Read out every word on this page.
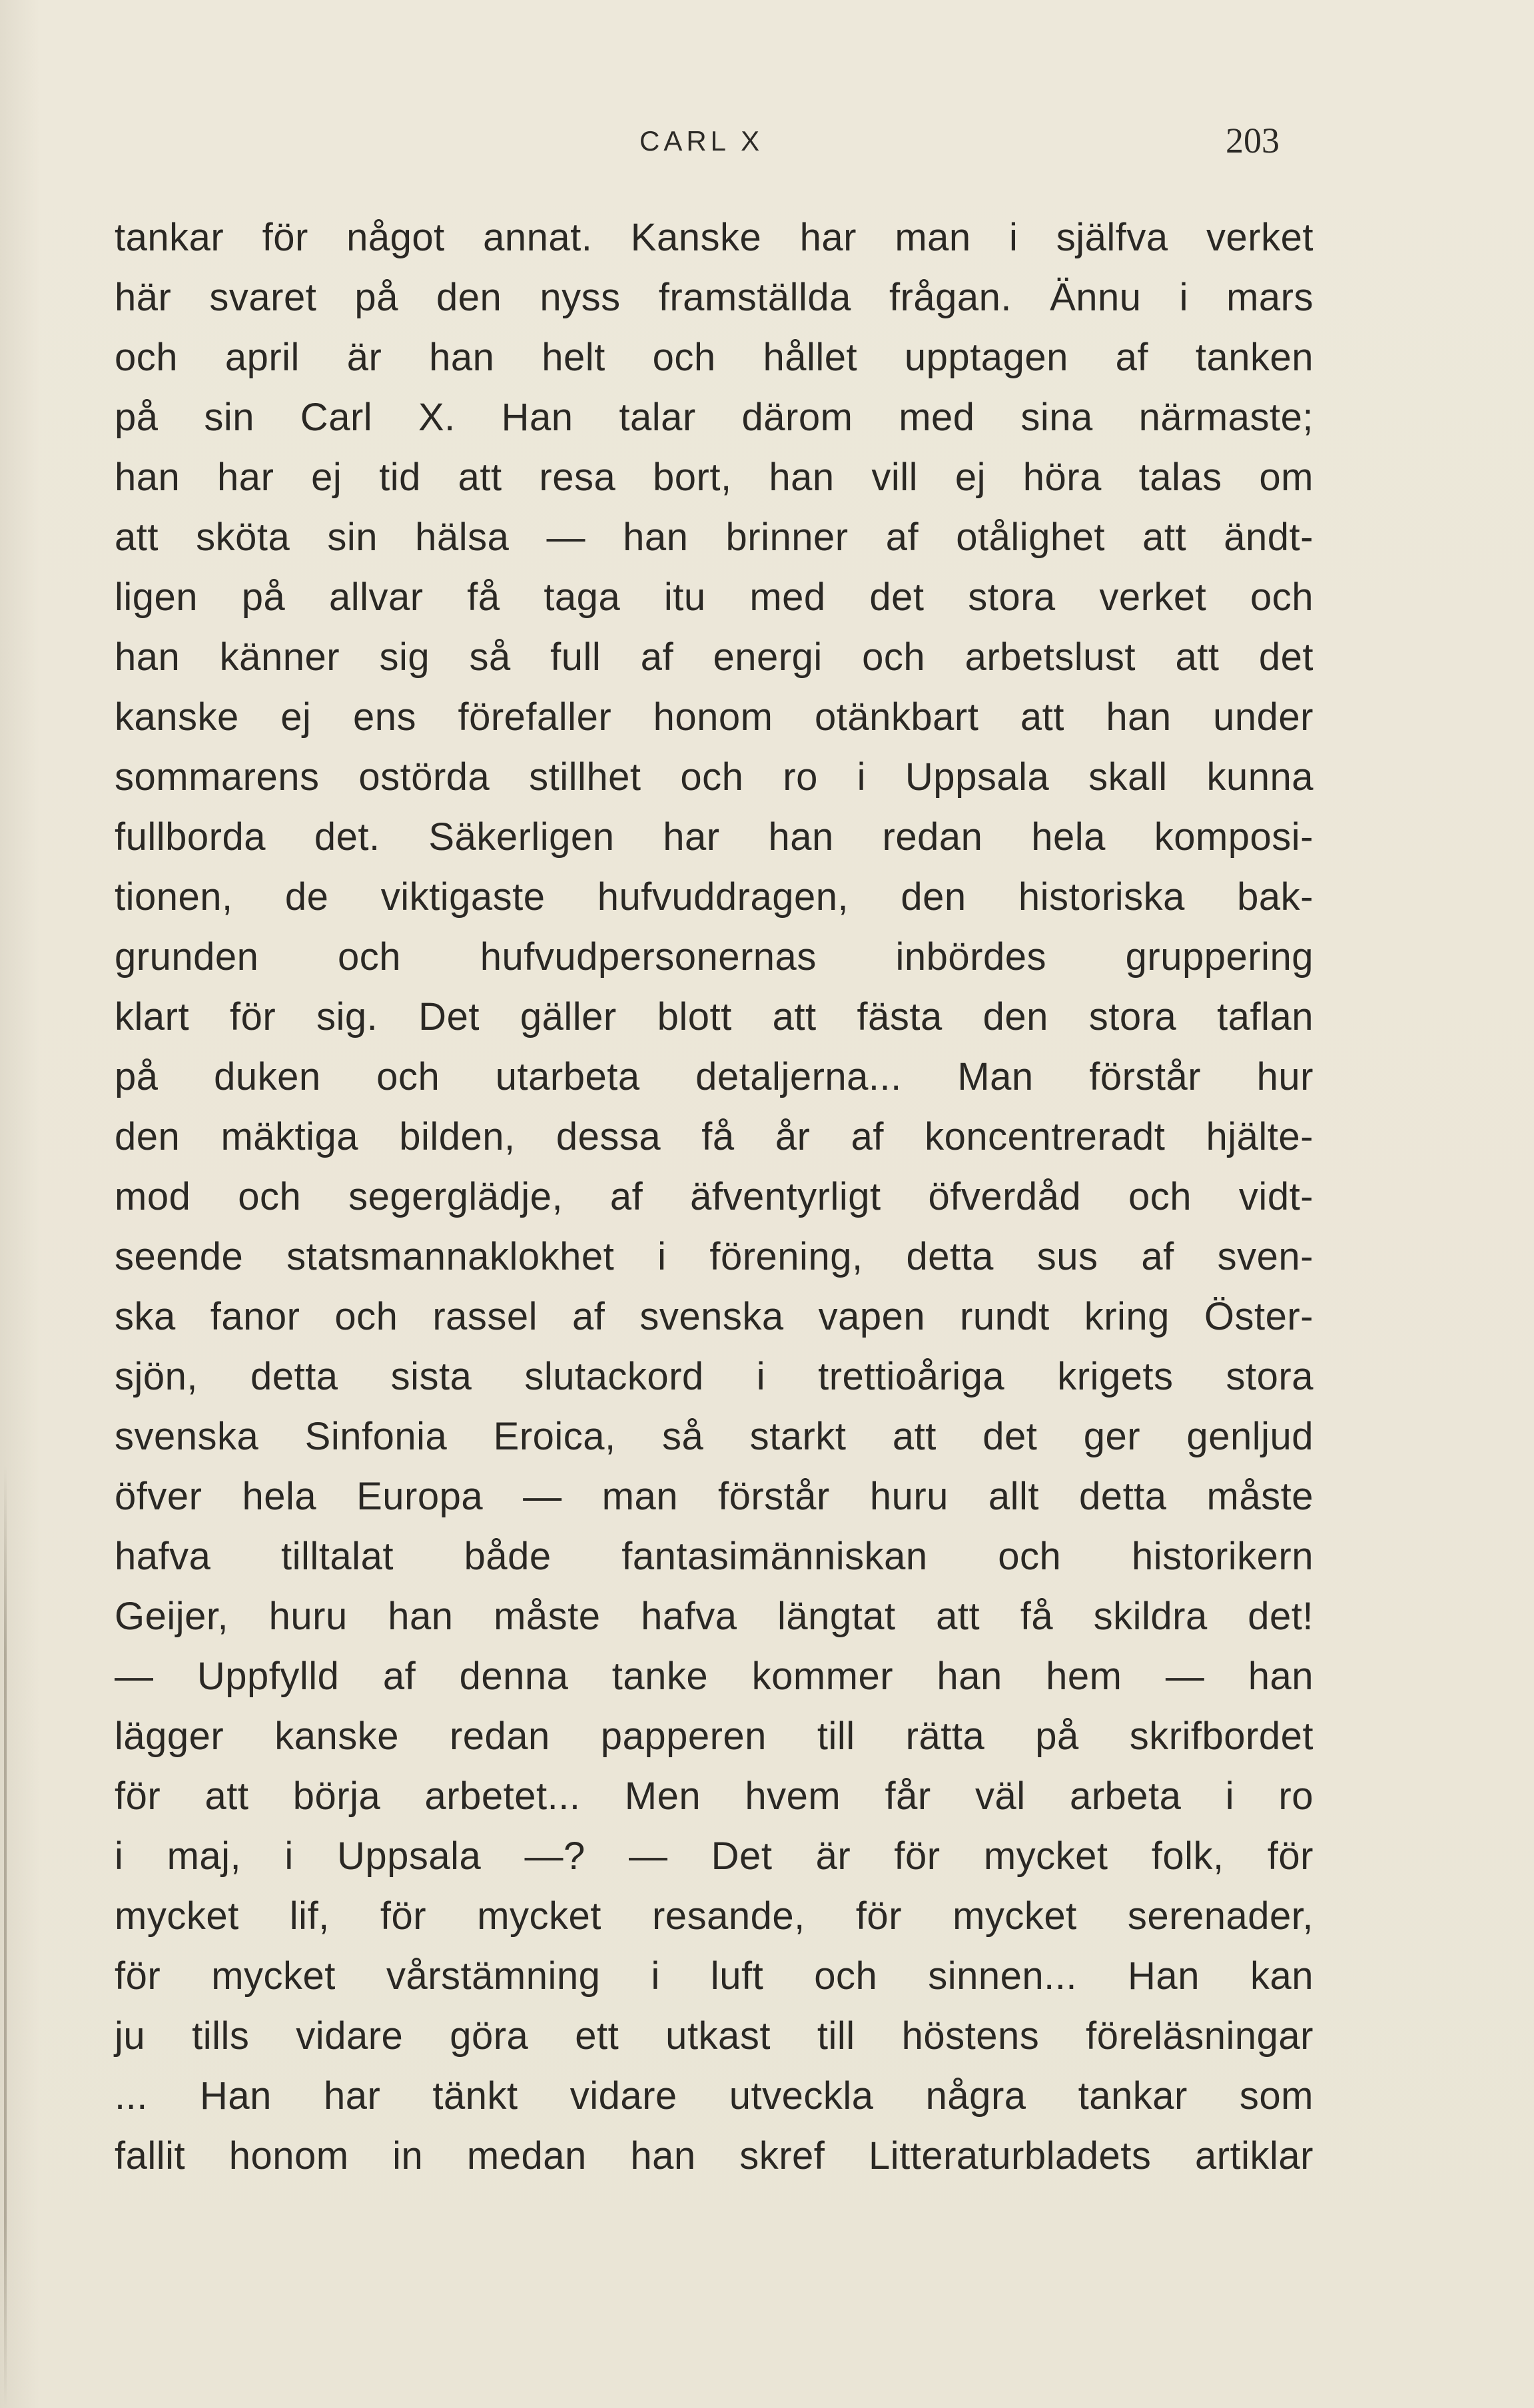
CARL X	203
tankar för något annat. Kanske har man i själfva verket
här svaret på den nyss framställda frågan. Ännu i mars
och april är han helt och hållet upptagen af tanken
på sin Carl X. Han talar därom med sina närmaste;
han har ej tid att resa bort, han vill ej höra talas om
att sköta sin hälsa — han brinner af otålighet att ändt-
ligen på allvar få taga itu med det stora verket och
han känner sig så full af energi och arbetslust att det
kanske ej ens förefaller honom otänkbart att han under
sommarens ostörda stillhet och ro i Uppsala skall kunna
fullborda det. Säkerligen har han redan hela komposi-
tionen, de viktigaste hufvuddragen, den historiska bak-
grunden och hufvudpersonernas inbördes gruppering
klart för sig. Det gäller blott att fästa den stora taflan
på duken och utarbeta detaljerna... Man förstår hur
den mäktiga bilden, dessa få år af koncentreradt hjälte-
mod och segerglädje, af äfventyrligt öfverdåd och vidt-
seende statsmannaklokhet i förening, detta sus af sven-
ska fanor och rassel af svenska vapen rundt kring Öster-
sjön, detta sista slutackord i trettioåriga krigets stora
svenska Sinfonia Eroica, så starkt att det ger genljud
öfver hela Europa — man förstår huru allt detta måste
hafva tilltalat både fantasimänniskan och historikern
Geijer, huru han måste hafva längtat att få skildra det!
— Uppfylld af denna tanke kommer han hem — han
lägger kanske redan papperen till rätta på skrifbordet
för att börja arbetet... Men hvem får väl arbeta i ro
i maj, i Uppsala —? — Det är för mycket folk, för
mycket lif, för mycket resande, för mycket serenader,
för mycket vårstämning i luft och sinnen... Han kan
ju tills vidare göra ett utkast till höstens föreläsningar
... Han har tänkt vidare utveckla några tankar som
fallit honom in medan han skref Litteraturbladets artiklar
